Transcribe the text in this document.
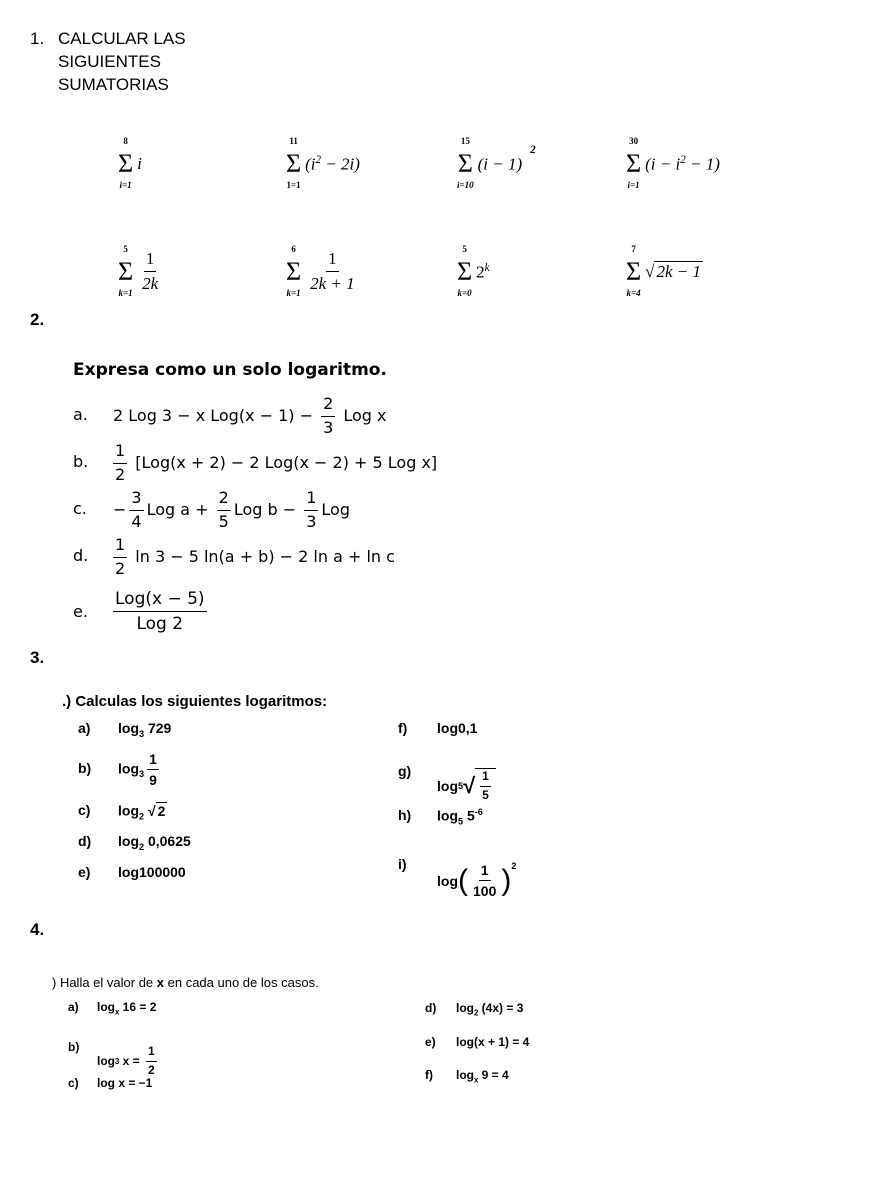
1. CALCULAR LAS
SIGUIENTES
SUMATORIAS
8
Σ
i=1
i
11
Σ
1=1
$(i^2 - 2i)$
15
Σ
i=10
$(i - 1)^2$
30
Σ
i=1
$(i - i^2 - 1)$
5
Σ
$k=1 \frac{1}{2k}$	6
Σ
$k=1 \frac{1}{2k + 1}$	5
Σ
k=0
2$^k$
7
Σ
k=4
√ 2k − 1
2.
Expresa como un solo logaritmo.
a. 2 Log 3 − x $Log(x - 1) - \frac{2}{3}$ Log x
b. $\frac{1}{2} [Log(x + 2) - 2$ Log(x − 2) + 5 Log x]
c. − $\frac{3}{4}$ Log $a + \frac{2}{5}$ Log $b - \frac{1}{3}$ Log
d. $\frac{1}{2}$ ln 3 − 5 ln(a + b) − 2 ln a + ln c
e. $\frac{\text{Log(x − 5)}}{\text{Log 2}}$
3.
.) Calculas los siguientes logaritmos:
a) $\log_3 729$
b) $\log_3 \frac{1}{9}$
c) $\log_2$ √ 2
d) $\log_2 0,0625$
e) log100000
f) log0,1
g)
log 5 √ $\frac{1}{5}$
h) $\log_5 5^{-6}$
i)
log ( $\frac{1}{100} )^2$
4.
) Halla el valor de x en cada uno de los casos.
a) $\log_x 16 = 2$
b)
log 3 $x = \frac{1}{2}$
c) log x = −1
d) $\log_2 (4x) = 3$
e) log(x + 1) = 4
f) $\log_x 9 = 4$
